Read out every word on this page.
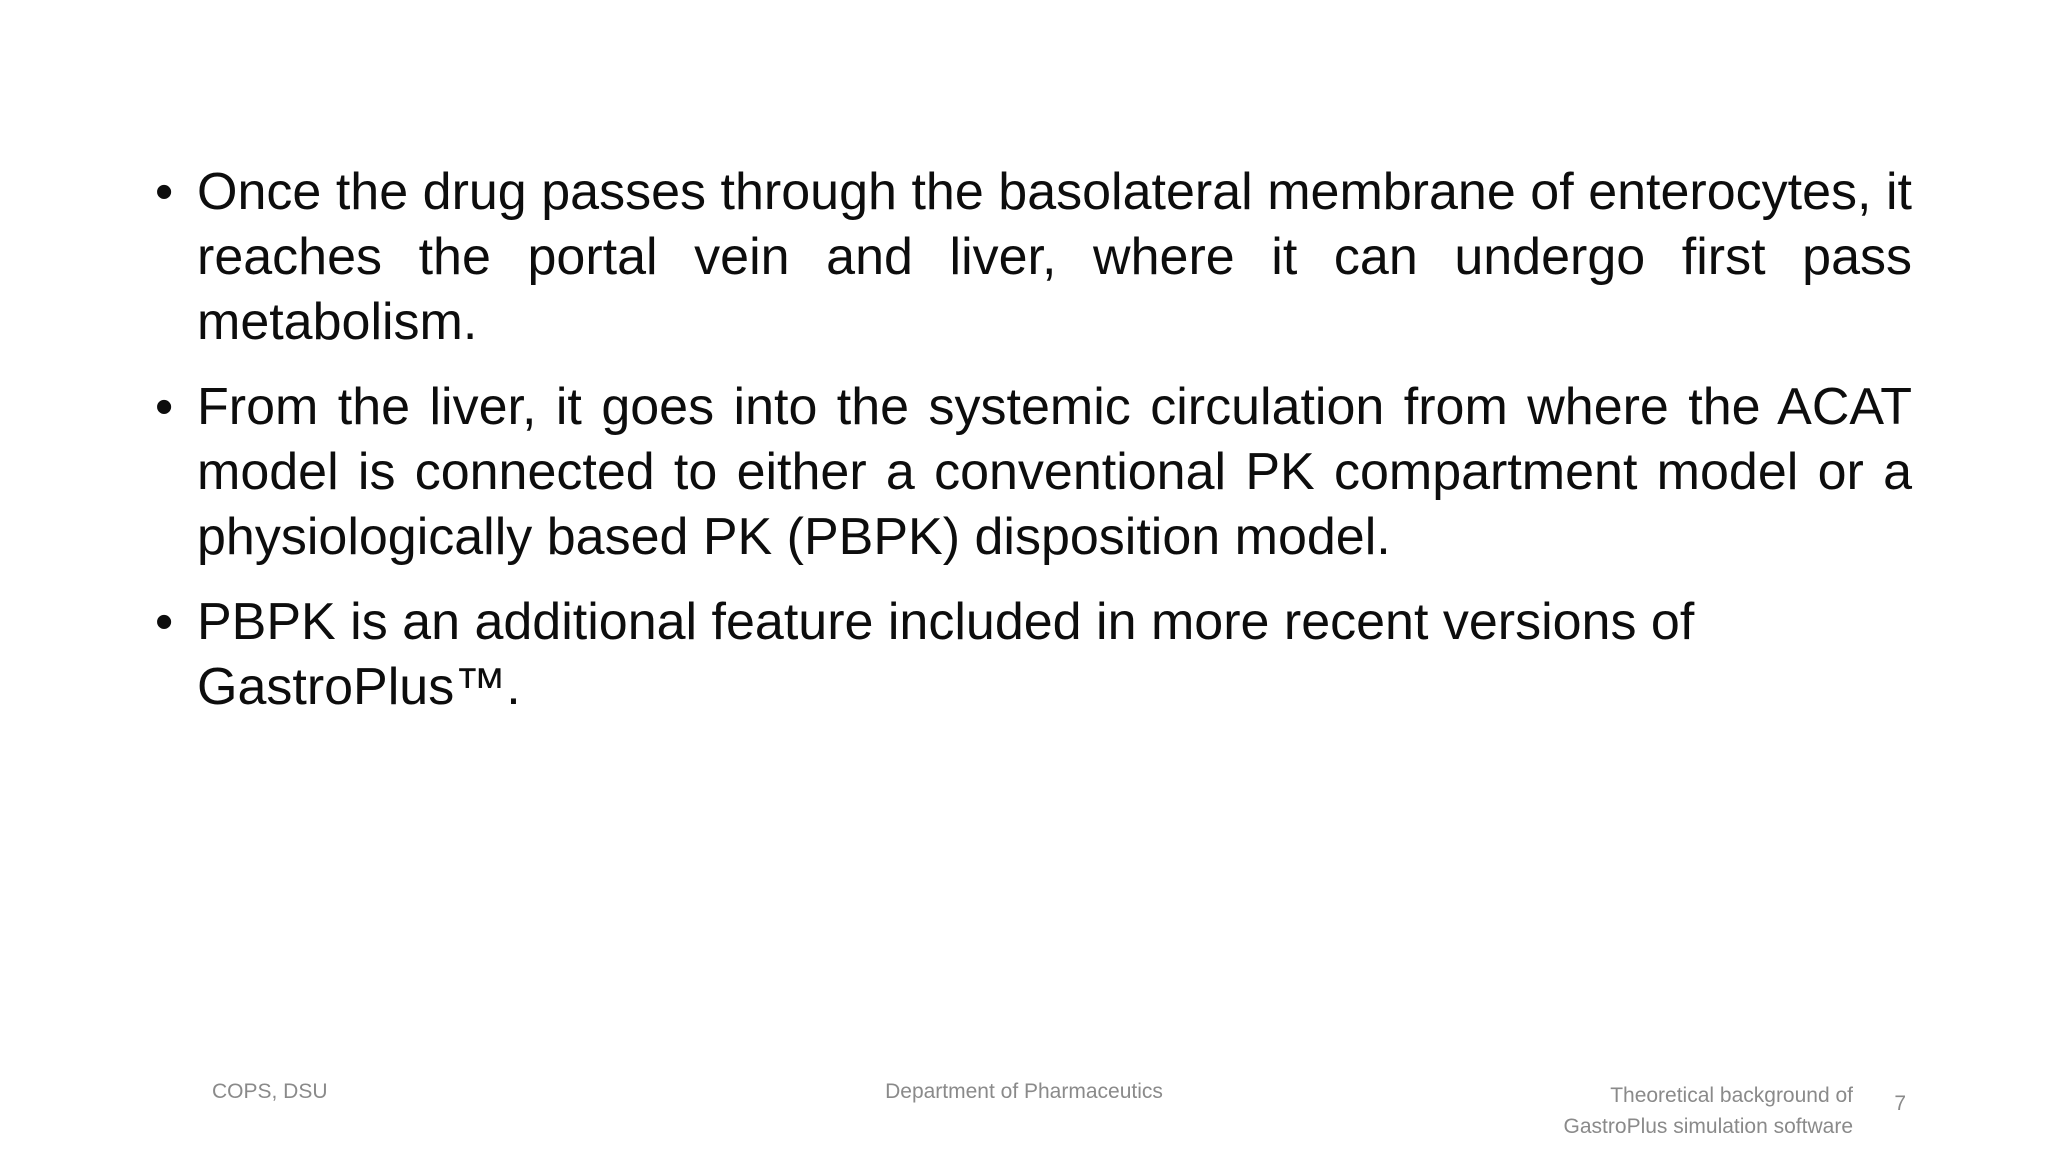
• Once the drug passes through the basolateral membrane of enterocytes, it reaches the portal vein and liver, where it can undergo first pass metabolism.
• From the liver, it goes into the systemic circulation from where the ACAT model is connected to either a conventional PK compartment model or a physiologically based PK (PBPK) disposition model.
• PBPK is an additional feature included in more recent versions of GastroPlus™.
COPS, DSU	Department of Pharmaceutics	Theoretical background of
GastroPlus simulation software
7
